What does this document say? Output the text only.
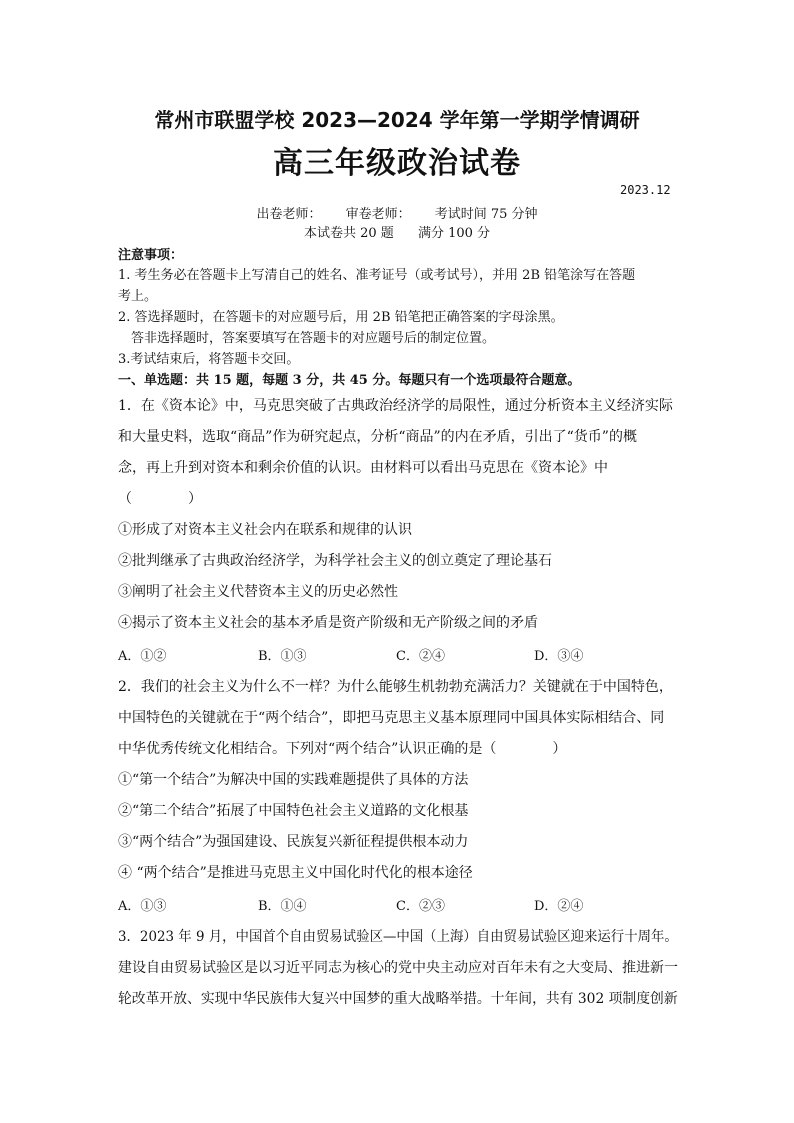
常州市联盟学校 2023—2024 学年第一学期学情调研
高三年级政治试卷
2023.12
出卷老师： 审卷老师： 考试时间 75 分钟
本试卷共 20 题 满分 100 分
注意事项：
1. 考生务必在答题卡上写清自己的姓名、准考证号（或考试号），并用 2B 铅笔涂写在答题
考上。
2. 答选择题时，在答题卡的对应题号后，用 2B 铅笔把正确答案的字母涂黑。
　答非选择题时，答案要填写在答题卡的对应题号后的制定位置。
3.考试结束后，将答题卡交回。
一、单选题：共 15 题，每题 3 分，共 45 分。每题只有一个选项最符合题意。
1．在《资本论》中，马克思突破了古典政治经济学的局限性，通过分析资本主义经济实际
和大量史料，选取“商品”作为研究起点，分析“商品”的内在矛盾，引出了“货币”的概
念，再上升到对资本和剩余价值的认识。由材料可以看出马克思在《资本论》中
（　　　　）
①形成了对资本主义社会内在联系和规律的认识
②批判继承了古典政治经济学，为科学社会主义的创立奠定了理论基石
③阐明了社会主义代替资本主义的历史必然性
④揭示了资本主义社会的基本矛盾是资产阶级和无产阶级之间的矛盾
A．①②	B．①③	C．②④	D．③④
2．我们的社会主义为什么不一样？为什么能够生机勃勃充满活力？关键就在于中国特色，
中国特色的关键就在于“两个结合”，即把马克思主义基本原理同中国具体实际相结合、同
中华优秀传统文化相结合。下列对“两个结合”认识正确的是（　　　　）
①“第一个结合”为解决中国的实践难题提供了具体的方法
②“第二个结合”拓展了中国特色社会主义道路的文化根基
③“两个结合”为强国建设、民族复兴新征程提供根本动力
④ “两个结合”是推进马克思主义中国化时代化的根本途径
A．①③	B．①④	C．②③	D．②④
3．2023 年 9 月，中国首个自由贸易试验区—中国（上海）自由贸易试验区迎来运行十周年。
建设自由贸易试验区是以习近平同志为核心的党中央主动应对百年未有之大变局、推进新一
轮改革开放、实现中华民族伟大复兴中国梦的重大战略举措。十年间，共有 302 项制度创新
